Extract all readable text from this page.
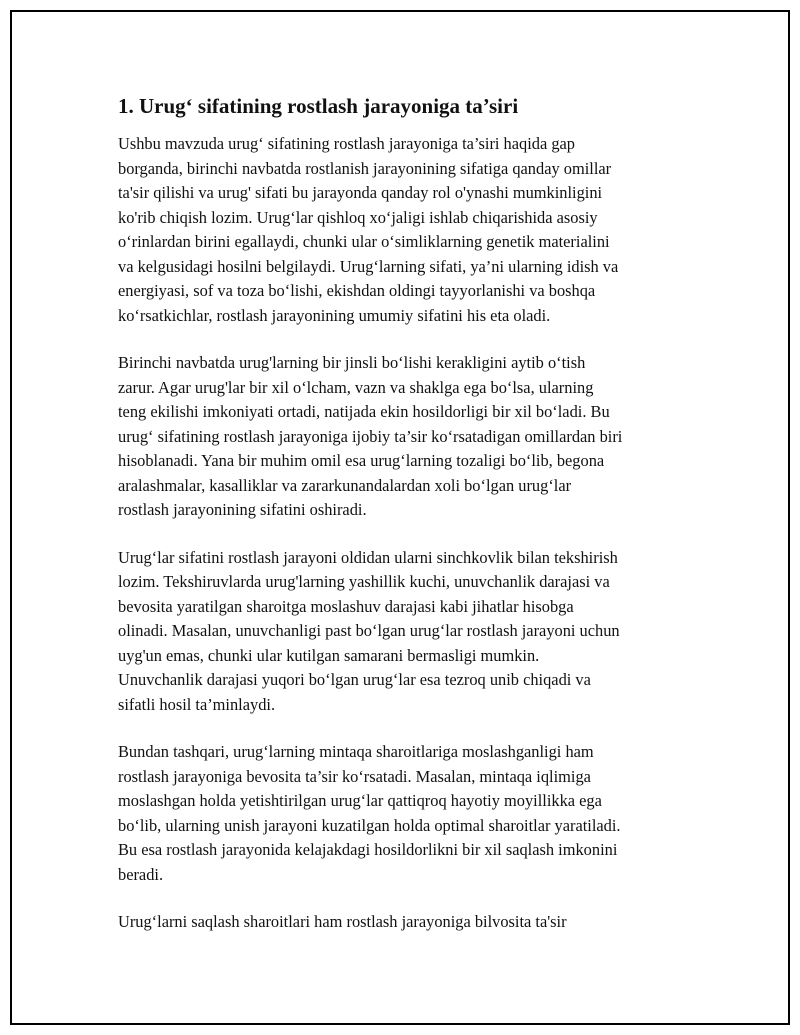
1. Urug‘ sifatining rostlash jarayoniga ta’siri

Ushbu mavzuda urug‘ sifatining rostlash jarayoniga ta’siri haqida gap
borganda, birinchi navbatda rostlanish jarayonining sifatiga qanday omillar
ta'sir qilishi va urug' sifati bu jarayonda qanday rol o'ynashi mumkinligini
ko'rib chiqish lozim. Urug‘lar qishloq xo‘jaligi ishlab chiqarishida asosiy
o‘rinlardan birini egallaydi, chunki ular o‘simliklarning genetik materialini
va kelgusidagi hosilni belgilaydi. Urug‘larning sifati, ya’ni ularning idish va
energiyasi, sof va toza bo‘lishi, ekishdan oldingi tayyorlanishi va boshqa
ko‘rsatkichlar, rostlash jarayonining umumiy sifatini his eta oladi.

Birinchi navbatda urug'larning bir jinsli bo‘lishi kerakligini aytib o‘tish
zarur. Agar urug'lar bir xil o‘lcham, vazn va shaklga ega bo‘lsa, ularning
teng ekilishi imkoniyati ortadi, natijada ekin hosildorligi bir xil bo‘ladi. Bu
urug‘ sifatining rostlash jarayoniga ijobiy ta’sir ko‘rsatadigan omillardan biri
hisoblanadi. Yana bir muhim omil esa urug‘larning tozaligi bo‘lib, begona
aralashmalar, kasalliklar va zararkunandalardan xoli bo‘lgan urug‘lar
rostlash jarayonining sifatini oshiradi.

Urug‘lar sifatini rostlash jarayoni oldidan ularni sinchkovlik bilan tekshirish
lozim. Tekshiruvlarda urug'larning yashillik kuchi, unuvchanlik darajasi va
bevosita yaratilgan sharoitga moslashuv darajasi kabi jihatlar hisobga
olinadi. Masalan, unuvchanligi past bo‘lgan urug‘lar rostlash jarayoni uchun
uyg'un emas, chunki ular kutilgan samarani bermasligi mumkin.
Unuvchanlik darajasi yuqori bo‘lgan urug‘lar esa tezroq unib chiqadi va
sifatli hosil ta’minlaydi.

Bundan tashqari, urug‘larning mintaqa sharoitlariga moslashganligi ham
rostlash jarayoniga bevosita ta’sir ko‘rsatadi. Masalan, mintaqa iqlimiga
moslashgan holda yetishtirilgan urug‘lar qattiqroq hayotiy moyillikka ega
bo‘lib, ularning unish jarayoni kuzatilgan holda optimal sharoitlar yaratiladi.
Bu esa rostlash jarayonida kelajakdagi hosildorlikni bir xil saqlash imkonini
beradi.

Urug‘larni saqlash sharoitlari ham rostlash jarayoniga bilvosita ta'sir
